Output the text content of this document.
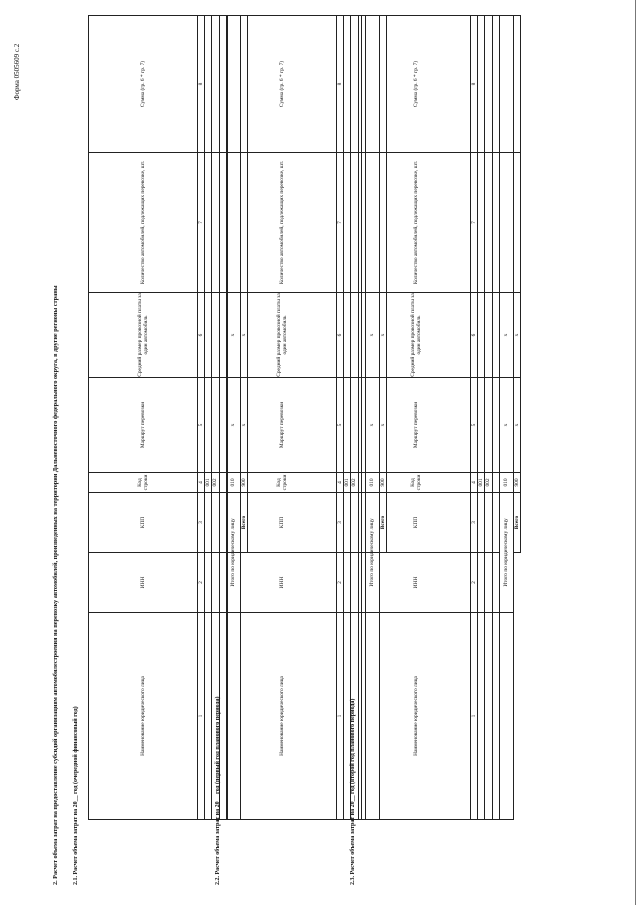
Форма 0505609 с.2
2. Расчет объема затрат на предоставление субсидий организациям автомобилестроения на перевозку автомобилей, произведенных на территории Дальневосточного федерального округа, в другие регионы страны 2.1. Расчет объема затрат на 20__ год (очередной финансовый год)	Наименование юридического лица	ИНН	КПП	Код строки	Маршрут перевозки	Средний размер провозной платы за один автомобиль	Количество автомобилей, подлежащих перевозке, шт.	Сумма (гр. 6 * гр. 7)
1	2	3	4	5	6	7	8
			001				
			002				

	Итого по юридическому лицу		010	x	x		
		Всего	900	x	x		
2.2. Расчет объема затрат на 20__ год (первый год планового периода)	Наименование юридического лица	ИНН	КПП	Код строки	Маршрут перевозки	Средний размер провозной платы за один автомобиль	Количество автомобилей, подлежащих перевозке, шт.	Сумма (гр. 6 * гр. 7)
1	2	3	4	5	6	7	8
			001				
			002				

	Итого по юридическому лицу		010	x	x		
		Всего	900	x	x		
2.3. Расчет объема затрат на 20__ год (второй год планового периода)	Наименование юридического лица	ИНН	КПП	Код строки	Маршрут перевозки	Средний размер провозной платы за один автомобиль	Количество автомобилей, подлежащих перевозке, шт.	Сумма (гр. 6 * гр. 7)
1	2	3	4	5	6	7	8
			001				
			002				

	Итого по юридическому лицу		010	x	x		
		Всего	900	x	x		
